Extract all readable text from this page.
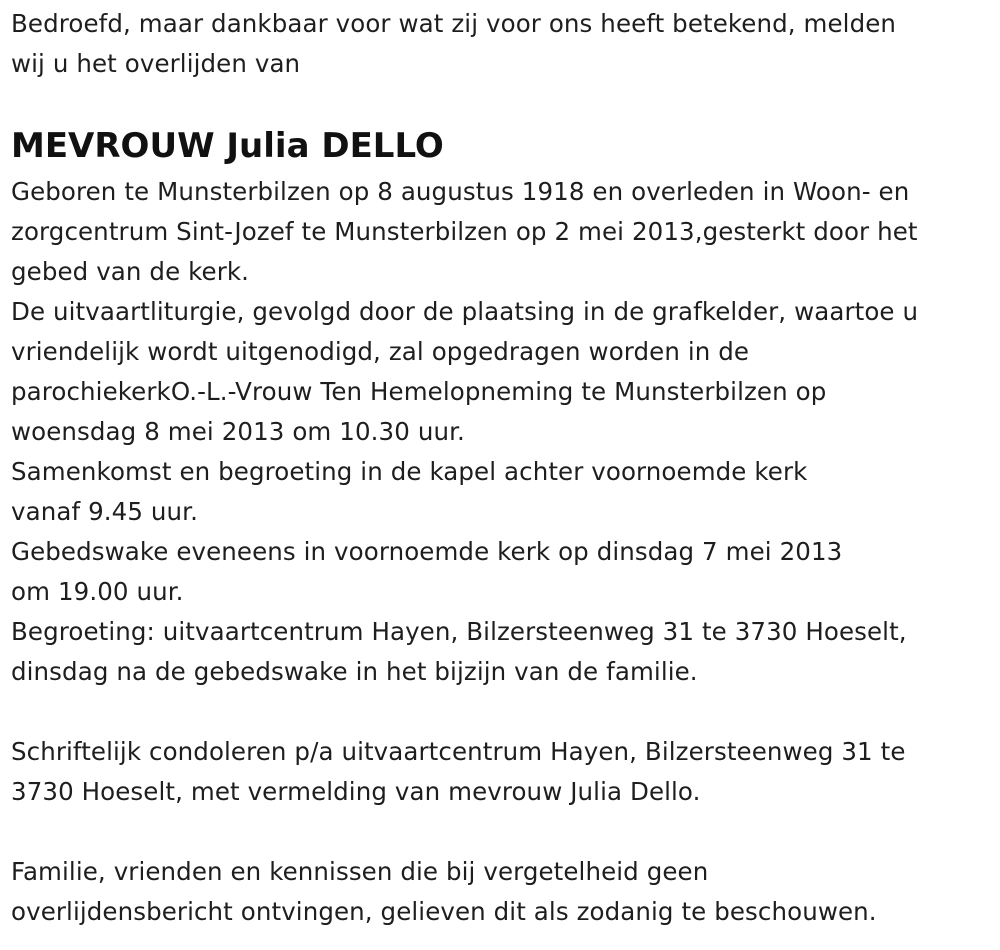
Bedroefd, maar dankbaar voor wat zij voor ons heeft betekend, melden

wij u het overlijden van

MEVROUW Julia DELLO

Geboren te Munsterbilzen op 8 augustus 1918 en overleden in Woon- en

zorgcentrum Sint-Jozef te Munsterbilzen op 2 mei 2013,gesterkt door het

gebed van de kerk.

De uitvaartliturgie, gevolgd door de plaatsing in de grafkelder, waartoe u

vriendelijk wordt uitgenodigd, zal opgedragen worden in de

parochiekerkO.-L.-Vrouw Ten Hemelopneming te Munsterbilzen op

woensdag 8 mei 2013 om 10.30 uur.

Samenkomst en begroeting in de kapel achter voornoemde kerk

vanaf 9.45 uur.

Gebedswake eveneens in voornoemde kerk op dinsdag 7 mei 2013

om 19.00 uur.

Begroeting: uitvaartcentrum Hayen, Bilzersteenweg 31 te 3730 Hoeselt,

dinsdag na de gebedswake in het bijzijn van de familie.

Schriftelijk condoleren p/a uitvaartcentrum Hayen, Bilzersteenweg 31 te

3730 Hoeselt, met vermelding van mevrouw Julia Dello.

Familie, vrienden en kennissen die bij vergetelheid geen

overlijdensbericht ontvingen, gelieven dit als zodanig te beschouwen.
